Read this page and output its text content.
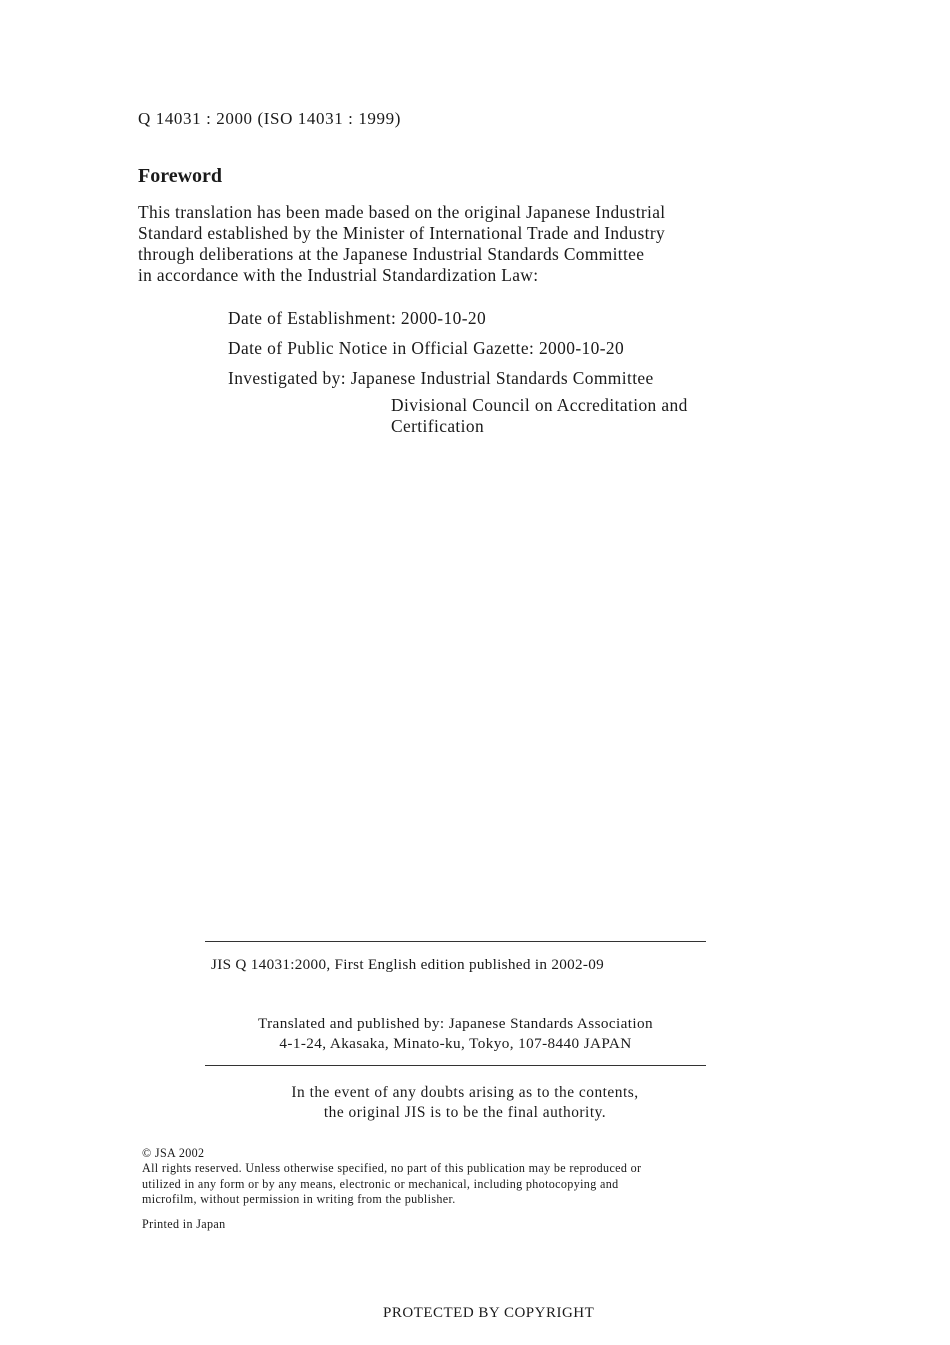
Q 14031 : 2000 (ISO 14031 : 1999)
Foreword
This translation has been made based on the original Japanese Industrial
Standard established by the Minister of International Trade and Industry
through deliberations at the Japanese Industrial Standards Committee
in accordance with the Industrial Standardization Law:
Date of Establishment: 2000-10-20
Date of Public Notice in Official Gazette: 2000-10-20
Investigated by: Japanese Industrial Standards Committee
Divisional Council on Accreditation and
Certification
JIS Q 14031:2000, First English edition published in 2002-09
Translated and published by: Japanese Standards Association
4-1-24, Akasaka, Minato-ku, Tokyo, 107-8440 JAPAN
In the event of any doubts arising as to the contents,
the original JIS is to be the final authority.
© JSA 2002
All rights reserved. Unless otherwise specified, no part of this publication may be reproduced or
utilized in any form or by any means, electronic or mechanical, including photocopying and
microfilm, without permission in writing from the publisher.
Printed in Japan
PROTECTED BY COPYRIGHT
